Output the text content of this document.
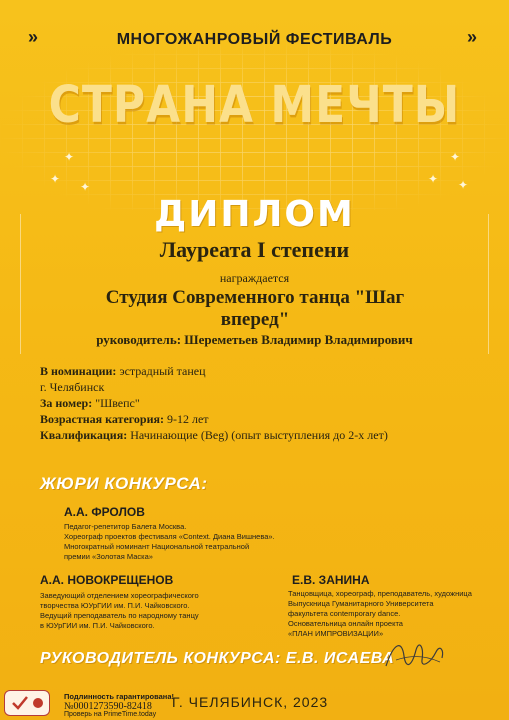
»	МНОГОЖАНРОВЫЙ ФЕСТИВАЛЬ	»
СТРАНА МЕЧТЫ
✦
✦
✦
✦
✦ ✦
ДИПЛОМ
Лауреата I степени
награждается
Студия Современного танца "Шаг вперед"
руководитель: Шереметьев Владимир Владимирович
В номинации: эстрадный танец
г. Челябинск
За номер: "Швепс"
Возрастная категория: 9-12 лет
Квалификация: Начинающие (Beg) (опыт выступления до 2-х лет)
ЖЮРИ КОНКУРСА:
А.А. ФРОЛОВ
Педагог-репетитор Балета Москва.
Хореограф проектов фестиваля «Context. Диана Вишнева».
Многократный номинант Национальной театральной
премии «Золотая Маска»
А.А. НОВОКРЕЩЕНОВ
Заведующий отделением хореографического
творчества ЮУрГИИ им. П.И. Чайковского.
Ведущий преподаватель по народному танцу
в ЮУрГИИ им. П.И. Чайковского.
Е.В. ЗАНИНА
Танцовщица, хореограф, преподаватель, художница
Выпускница Гуманитарного Университета
факультета contemporary dance.
Основательница онлайн проекта
«ПЛАН ИМПРОВИЗАЦИИ»
РУКОВОДИТЕЛЬ КОНКУРСА: Е.В. ИСАЕВА
Подлинность гарантирована!
№0001273590-82418
Проверь на PrimeTime.today
Г. ЧЕЛЯБИНСК, 2023
